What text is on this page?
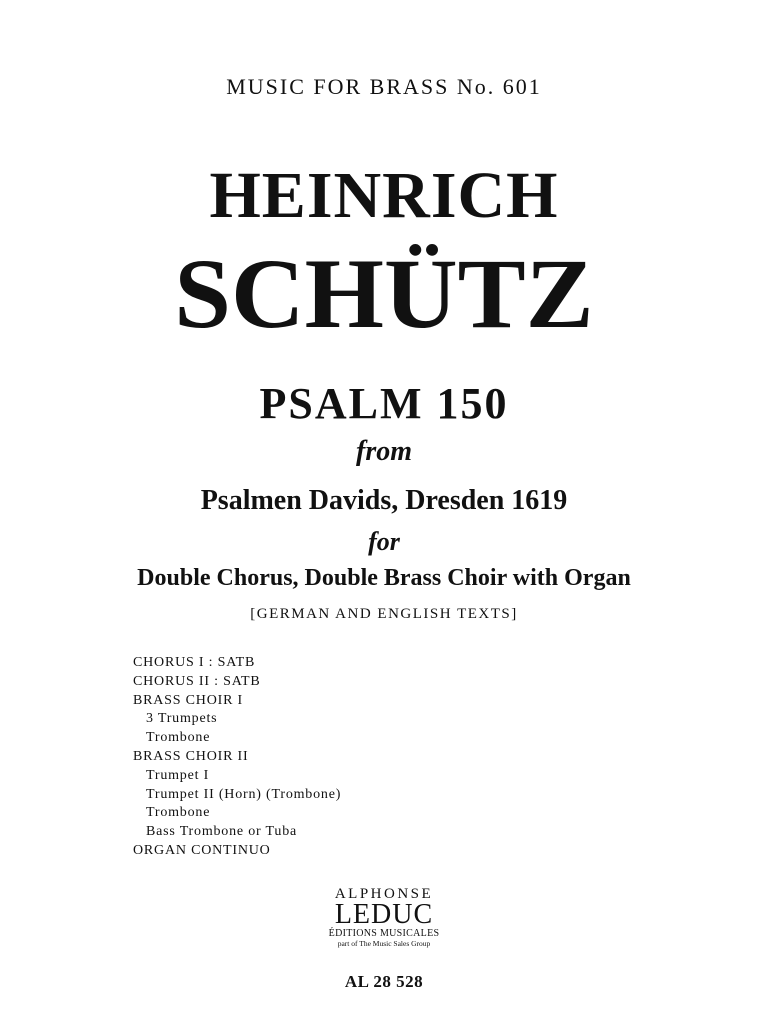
MUSIC FOR BRASS No. 601
HEINRICH
SCHÜTZ
PSALM 150
from
Psalmen Davids, Dresden 1619
for
Double Chorus, Double Brass Choir with Organ
[GERMAN AND ENGLISH TEXTS]
CHORUS I : SATB
CHORUS II : SATB
BRASS CHOIR I
3 Trumpets
Trombone
BRASS CHOIR II
Trumpet I
Trumpet II (Horn) (Trombone)
Trombone
Bass Trombone or Tuba
ORGAN CONTINUO
ALPHONSE
LEDUC
ÉDITIONS MUSICALES
part of The Music Sales Group
AL 28 528
